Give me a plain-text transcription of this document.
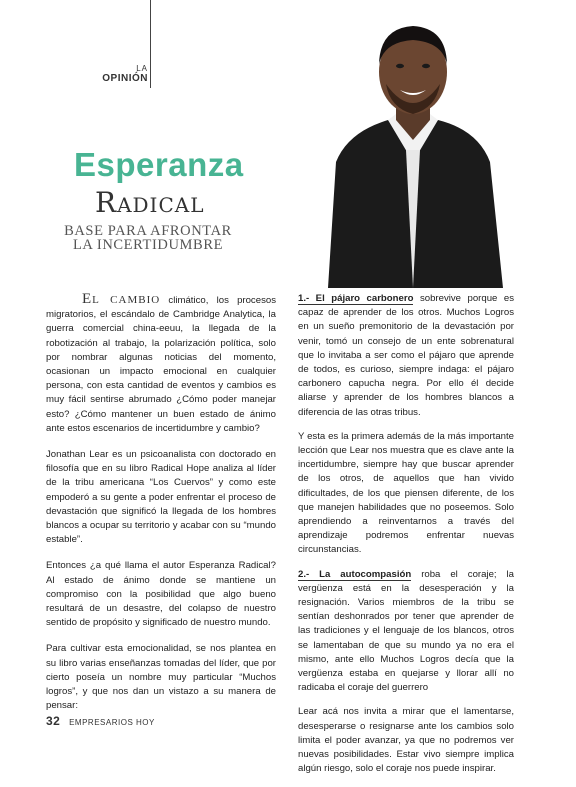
LA
OPINIÓN
Esperanza
Radical
BASE PARA AFRONTAR LA INCERTIDUMBRE

El cambio climático, los procesos migratorios, el escándalo de Cambridge Analytica, la guerra comercial china-eeuu, la llegada de la robotización al trabajo, la polarización política, solo por nombrar algunas noticias del momento, ocasionan un impacto emocional en cualquier persona, con esta cantidad de eventos y cambios es muy fácil sentirse abrumado ¿Cómo poder manejar esto? ¿Cómo mantener un buen estado de ánimo ante estos escenarios de incertidumbre y cambio?

Jonathan Lear es un psicoanalista con doctorado en filosofía que en su libro Radical Hope analiza al líder de la tribu americana “Los Cuervos” y como este empoderó a su gente a poder enfrentar el proceso de devastación que significó la llegada de los hombres blancos a ocupar su territorio y acabar con su “mundo estable”.

Entonces ¿a qué llama el autor Esperanza Radical? Al estado de ánimo donde se mantiene un compromiso con la posibilidad que algo bueno resultará de un desastre, del colapso de nuestro sentido de propósito y significado de nuestro mundo.

Para cultivar esta emocionalidad, se nos plantea en su libro varias enseñanzas tomadas del líder, que por cierto poseía un nombre muy particular “Muchos logros”, y que nos dan un vistazo a su manera de pensar:

1.- El pájaro carbonero sobrevive porque es capaz de aprender de los otros. Muchos Logros en un sueño premonitorio de la devastación por venir, tomó un consejo de un ente sobrenatural que lo invitaba a ser como el pájaro que aprende de todos, es curioso, siempre indaga: el pájaro carbonero capucha negra. Por ello él decide aliarse y aprender de los hombres blancos a diferencia de las otras tribus.

Y esta es la primera además de la más importante lección que Lear nos muestra que es clave ante la incertidumbre, siempre hay que buscar aprender de los otros, de aquellos que han vivido dificultades, de los que piensen diferente, de los que manejen habilidades que no poseemos. Solo aprendiendo a reinventarnos a través del aprendizaje podremos enfrentar nuevas circunstancias.

2.- La autocompasión roba el coraje; la vergüenza está en la desesperación y la resignación. Varios miembros de la tribu se sentían deshonrados por tener que aprender de las tradiciones y el lenguaje de los blancos, otros se lamentaban de que su mundo ya no era el mismo, ante ello Muchos Logros decía que la vergüenza estaba en quejarse y llorar allí no radicaba el coraje del guerrero

Lear acá nos invita a mirar que el lamentarse, desesperarse o resignarse ante los cambios solo limita el poder avanzar, ya que no podremos ver nuevas posibilidades. Estar vivo siempre implica algún riesgo, solo el coraje nos puede inspirar.

32 EMPRESARIOS HOY
